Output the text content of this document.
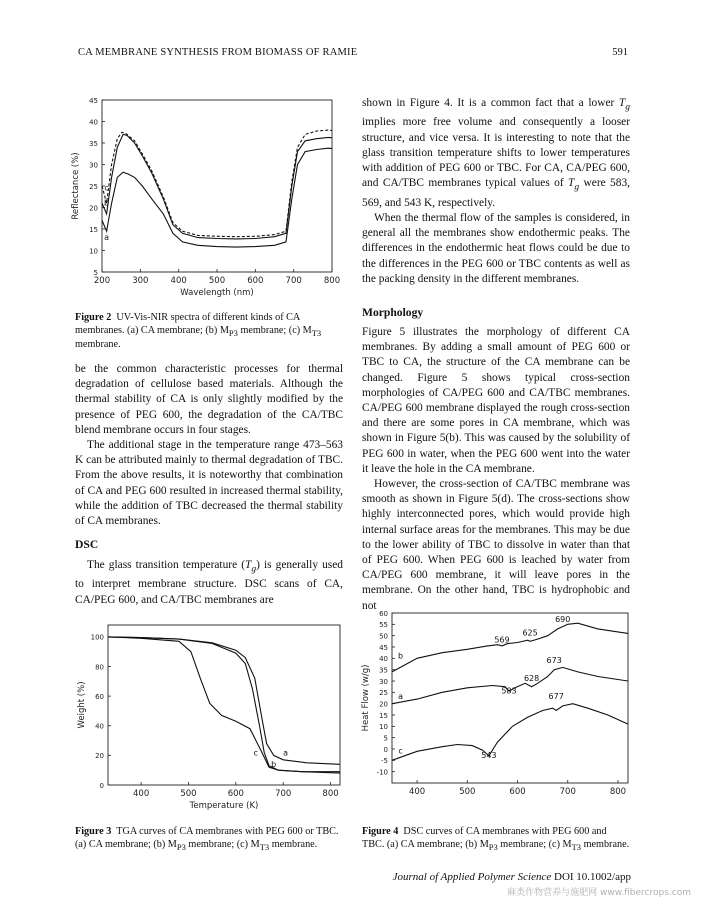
CA MEMBRANE SYNTHESIS FROM BIOMASS OF RAMIE	591
200	300	400	500	600	700	800
5
10
15
20
25
30
35
40
45
Wavelength (nm)
Reflectance (%)	c
b
a
Figure 2 UV-Vis-NIR spectra of different kinds of CA membranes. (a) CA membrane; (b) $M_{P3}$ membrane; (c) $M_{T3}$ membrane.

be the common characteristic processes for thermal degradation of cellulose based materials. Although the thermal stability of CA is only slightly modified by the presence of PEG 600, the degradation of the CA/TBC blend membrane occurs in four stages.

The additional stage in the temperature range 473–563 K can be attributed mainly to thermal degradation of TBC. From the above results, it is noteworthy that combination of CA and PEG 600 resulted in increased thermal stability, while the addition of TBC decreased the thermal stability of CA membranes.

DSC

The glass transition temperature $(T_g)$ is generally used to interpret membrane structure. DSC scans of CA, CA/PEG 600, and CA/TBC membranes are

shown in Figure 4. It is a common fact that a lower $T_g$ implies more free volume and consequently a looser structure, and vice versa. It is interesting to note that the glass transition temperature shifts to lower temperatures with addition of PEG 600 or TBC. For CA, CA/PEG 600, and CA/TBC membranes typical values of $T_g$ were 583, 569, and 543 K, respectively.

When the thermal flow of the samples is considered, in general all the membranes show endothermic peaks. The differences in the endothermic heat flows could be due to the differences in the PEG 600 or TBC contents as well as the packing density in the different membranes.

Morphology

Figure 5 illustrates the morphology of different CA membranes. By adding a small amount of PEG 600 or TBC to CA, the structure of the CA membrane can be changed. Figure 5 shows typical cross-section morphologies of CA/PEG 600 and CA/TBC membranes. CA/PEG 600 membrane displayed the rough cross-section and there are some pores in CA membrane, which was shown in Figure 5(b). This was caused by the solubility of PEG 600 in water, when the PEG 600 went into the water it leave the hole in the CA membrane.

However, the cross-section of CA/TBC membrane was smooth as shown in Figure 5(d). The cross-sections show highly interconnected pores, which would provide high internal surface areas for the membranes. This may be due to the lower ability of TBC to dissolve in water than that of PEG 600. When PEG 600 is leached by water from CA/PEG 600 membrane, it will leave pores in the membrane. On the other hand, TBC is hydrophobic and not

400	500	600	700	800
0
20
40
60
80
100
Temperature (K)
Weight (%)
a
b
c
Figure 3 TGA curves of CA membranes with PEG 600 or TBC. (a) CA membrane; (b) $M_{P3}$ membrane; (c) $M_{T3}$ membrane.
400	500	600	700	800
-10
-5
0
5
10
15
20
25
30
35
40
45
50
55
60
Heat Flow (w/g)
690
625
569
673
628
583
677
543
b
a
c
Figure 4 DSC curves of CA membranes with PEG 600 and TBC. (a) CA membrane; (b) $M_{P3}$ membrane; (c) $M_{T3}$ membrane.
Journal of Applied Polymer Science DOI 10.1002/app
麻类作物营养与施肥网 www.fibercrops.com
